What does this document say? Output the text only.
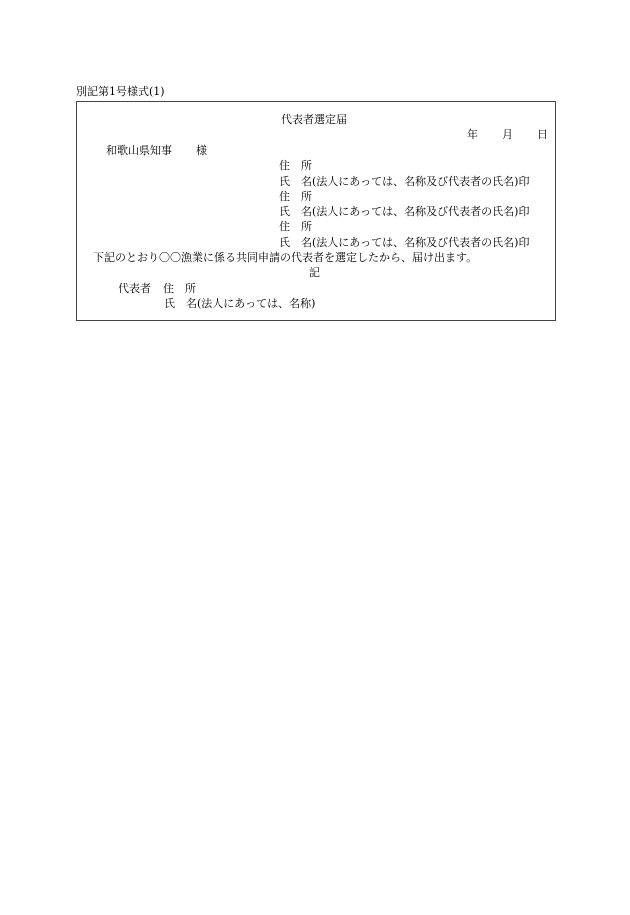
別記第1号様式(1)
代表者選定届
年 月 日
和歌山県知事 様
住　所
氏　名(法人にあっては、名称及び代表者の氏名)印
住　所
氏　名(法人にあっては、名称及び代表者の氏名)印
住　所
氏　名(法人にあっては、名称及び代表者の氏名)印
下記のとおり〇〇漁業に係る共同申請の代表者を選定したから、届け出ます。
記
代表者 住　所
氏　名(法人にあっては、名称)
